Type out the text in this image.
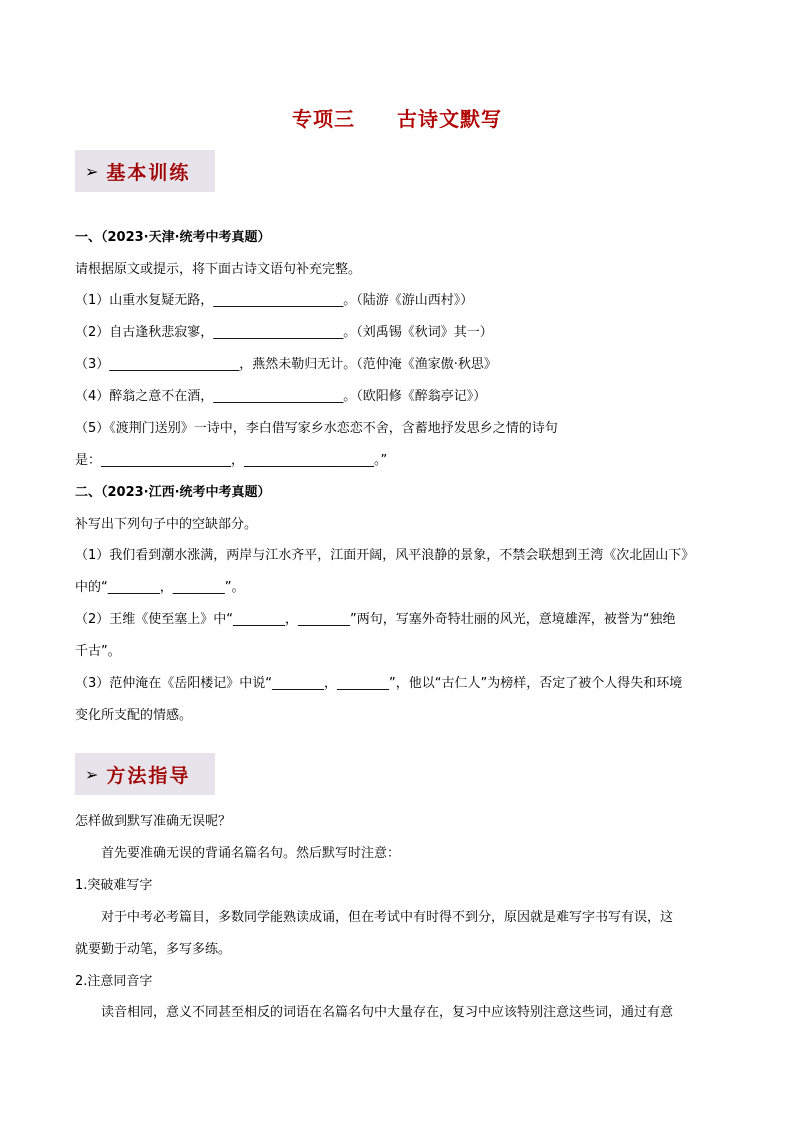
专项三　　古诗文默写
➢ 基本训练
一、（2023·天津·统考中考真题）
请根据原文或提示，将下面古诗文语句补充完整。
（1）山重水复疑无路，____________________。（陆游《游山西村》）
（2）自古逢秋悲寂寥，____________________。（刘禹锡《秋词》其一）
（3）____________________，燕然未勒归无计。（范仲淹《渔家傲·秋思》
（4）醉翁之意不在酒，____________________。（欧阳修《醉翁亭记》）
（5）《渡荆门送别》一诗中，李白借写家乡水恋恋不舍，含蓄地抒发思乡之情的诗句
是：____________________，____________________。”
二、（2023·江西·统考中考真题）
补写出下列句子中的空缺部分。
（1）我们看到潮水涨满，两岸与江水齐平，江面开阔，风平浪静的景象，不禁会联想到王湾《次北固山下》
中的“________，________”。
（2）王维《使至塞上》中“________，________”两句，写塞外奇特壮丽的风光，意境雄浑，被誉为“独绝
千古”。
（3）范仲淹在《岳阳楼记》中说“________，________”，他以“古仁人”为榜样，否定了被个人得失和环境
变化所支配的情感。
➢ 方法指导
怎样做到默写准确无误呢？
首先要准确无误的背诵名篇名句。然后默写时注意：
1.突破难写字
对于中考必考篇目，多数同学能熟读成诵，但在考试中有时得不到分，原因就是难写字书写有误，这
就要勤于动笔，多写多练。
2.注意同音字
读音相同，意义不同甚至相反的词语在名篇名句中大量存在，复习中应该特别注意这些词，通过有意
